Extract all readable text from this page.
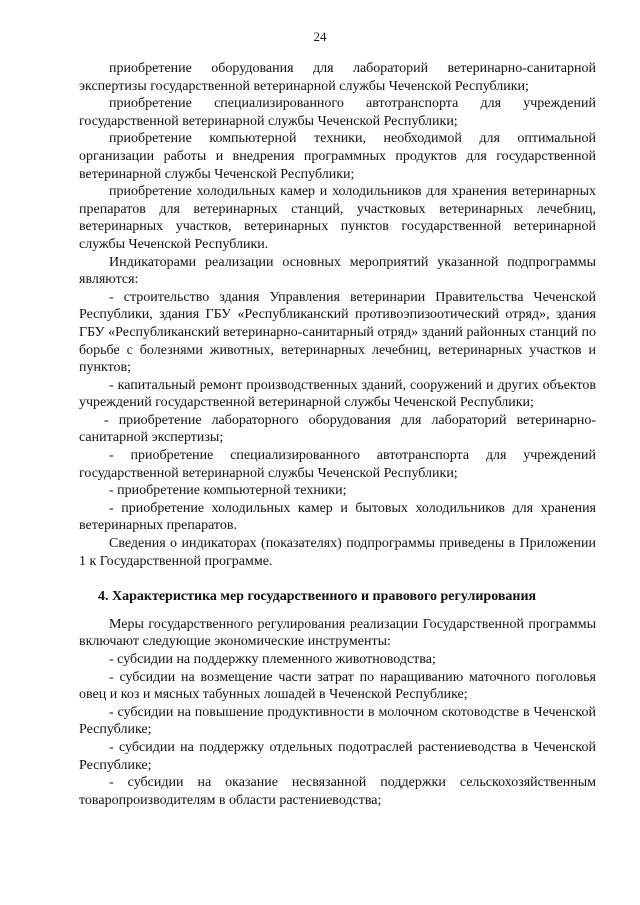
24

приобретение оборудования для лабораторий ветеринарно-санитарной экспертизы государственной ветеринарной службы Чеченской Республики;

приобретение специализированного автотранспорта для учреждений государственной ветеринарной службы Чеченской Республики;

приобретение компьютерной техники, необходимой для оптимальной организации работы и внедрения программных продуктов для государственной ветеринарной службы Чеченской Республики;

приобретение холодильных камер и холодильников для хранения ветеринарных препаратов для ветеринарных станций, участковых ветеринарных лечебниц, ветеринарных участков, ветеринарных пунктов государственной ветеринарной службы Чеченской Республики.

Индикаторами реализации основных мероприятий указанной подпрограммы являются:

- строительство здания Управления ветеринарии Правительства Чеченской Республики, здания ГБУ «Республиканский противоэпизоотический отряд», здания ГБУ «Республиканский ветеринарно-санитарный отряд» зданий районных станций по борьбе с болезнями животных, ветеринарных лечебниц, ветеринарных участков и пунктов;

- капитальный ремонт производственных зданий, сооружений и других объектов учреждений государственной ветеринарной службы Чеченской Республики;

- приобретение лабораторного оборудования для лабораторий ветеринарно-санитарной экспертизы;

- приобретение специализированного автотранспорта для учреждений государственной ветеринарной службы Чеченской Республики;

- приобретение компьютерной техники;

- приобретение холодильных камер и бытовых холодильников для хранения ветеринарных препаратов.

Сведения о индикаторах (показателях) подпрограммы приведены в Приложении 1 к Государственной программе.

4. Характеристика мер государственного и правового регулирования

Меры государственного регулирования реализации Государственной программы включают следующие экономические инструменты:

- субсидии на поддержку племенного животноводства;

- субсидии на возмещение части затрат по наращиванию маточного поголовья овец и коз и мясных табунных лошадей в Чеченской Республике;

- субсидии на повышение продуктивности в молочном скотоводстве в Чеченской Республике;

- субсидии на поддержку отдельных подотраслей растениеводства в Чеченской Республике;

- субсидии на оказание несвязанной поддержки сельскохозяйственным товаропроизводителям в области растениеводства;
